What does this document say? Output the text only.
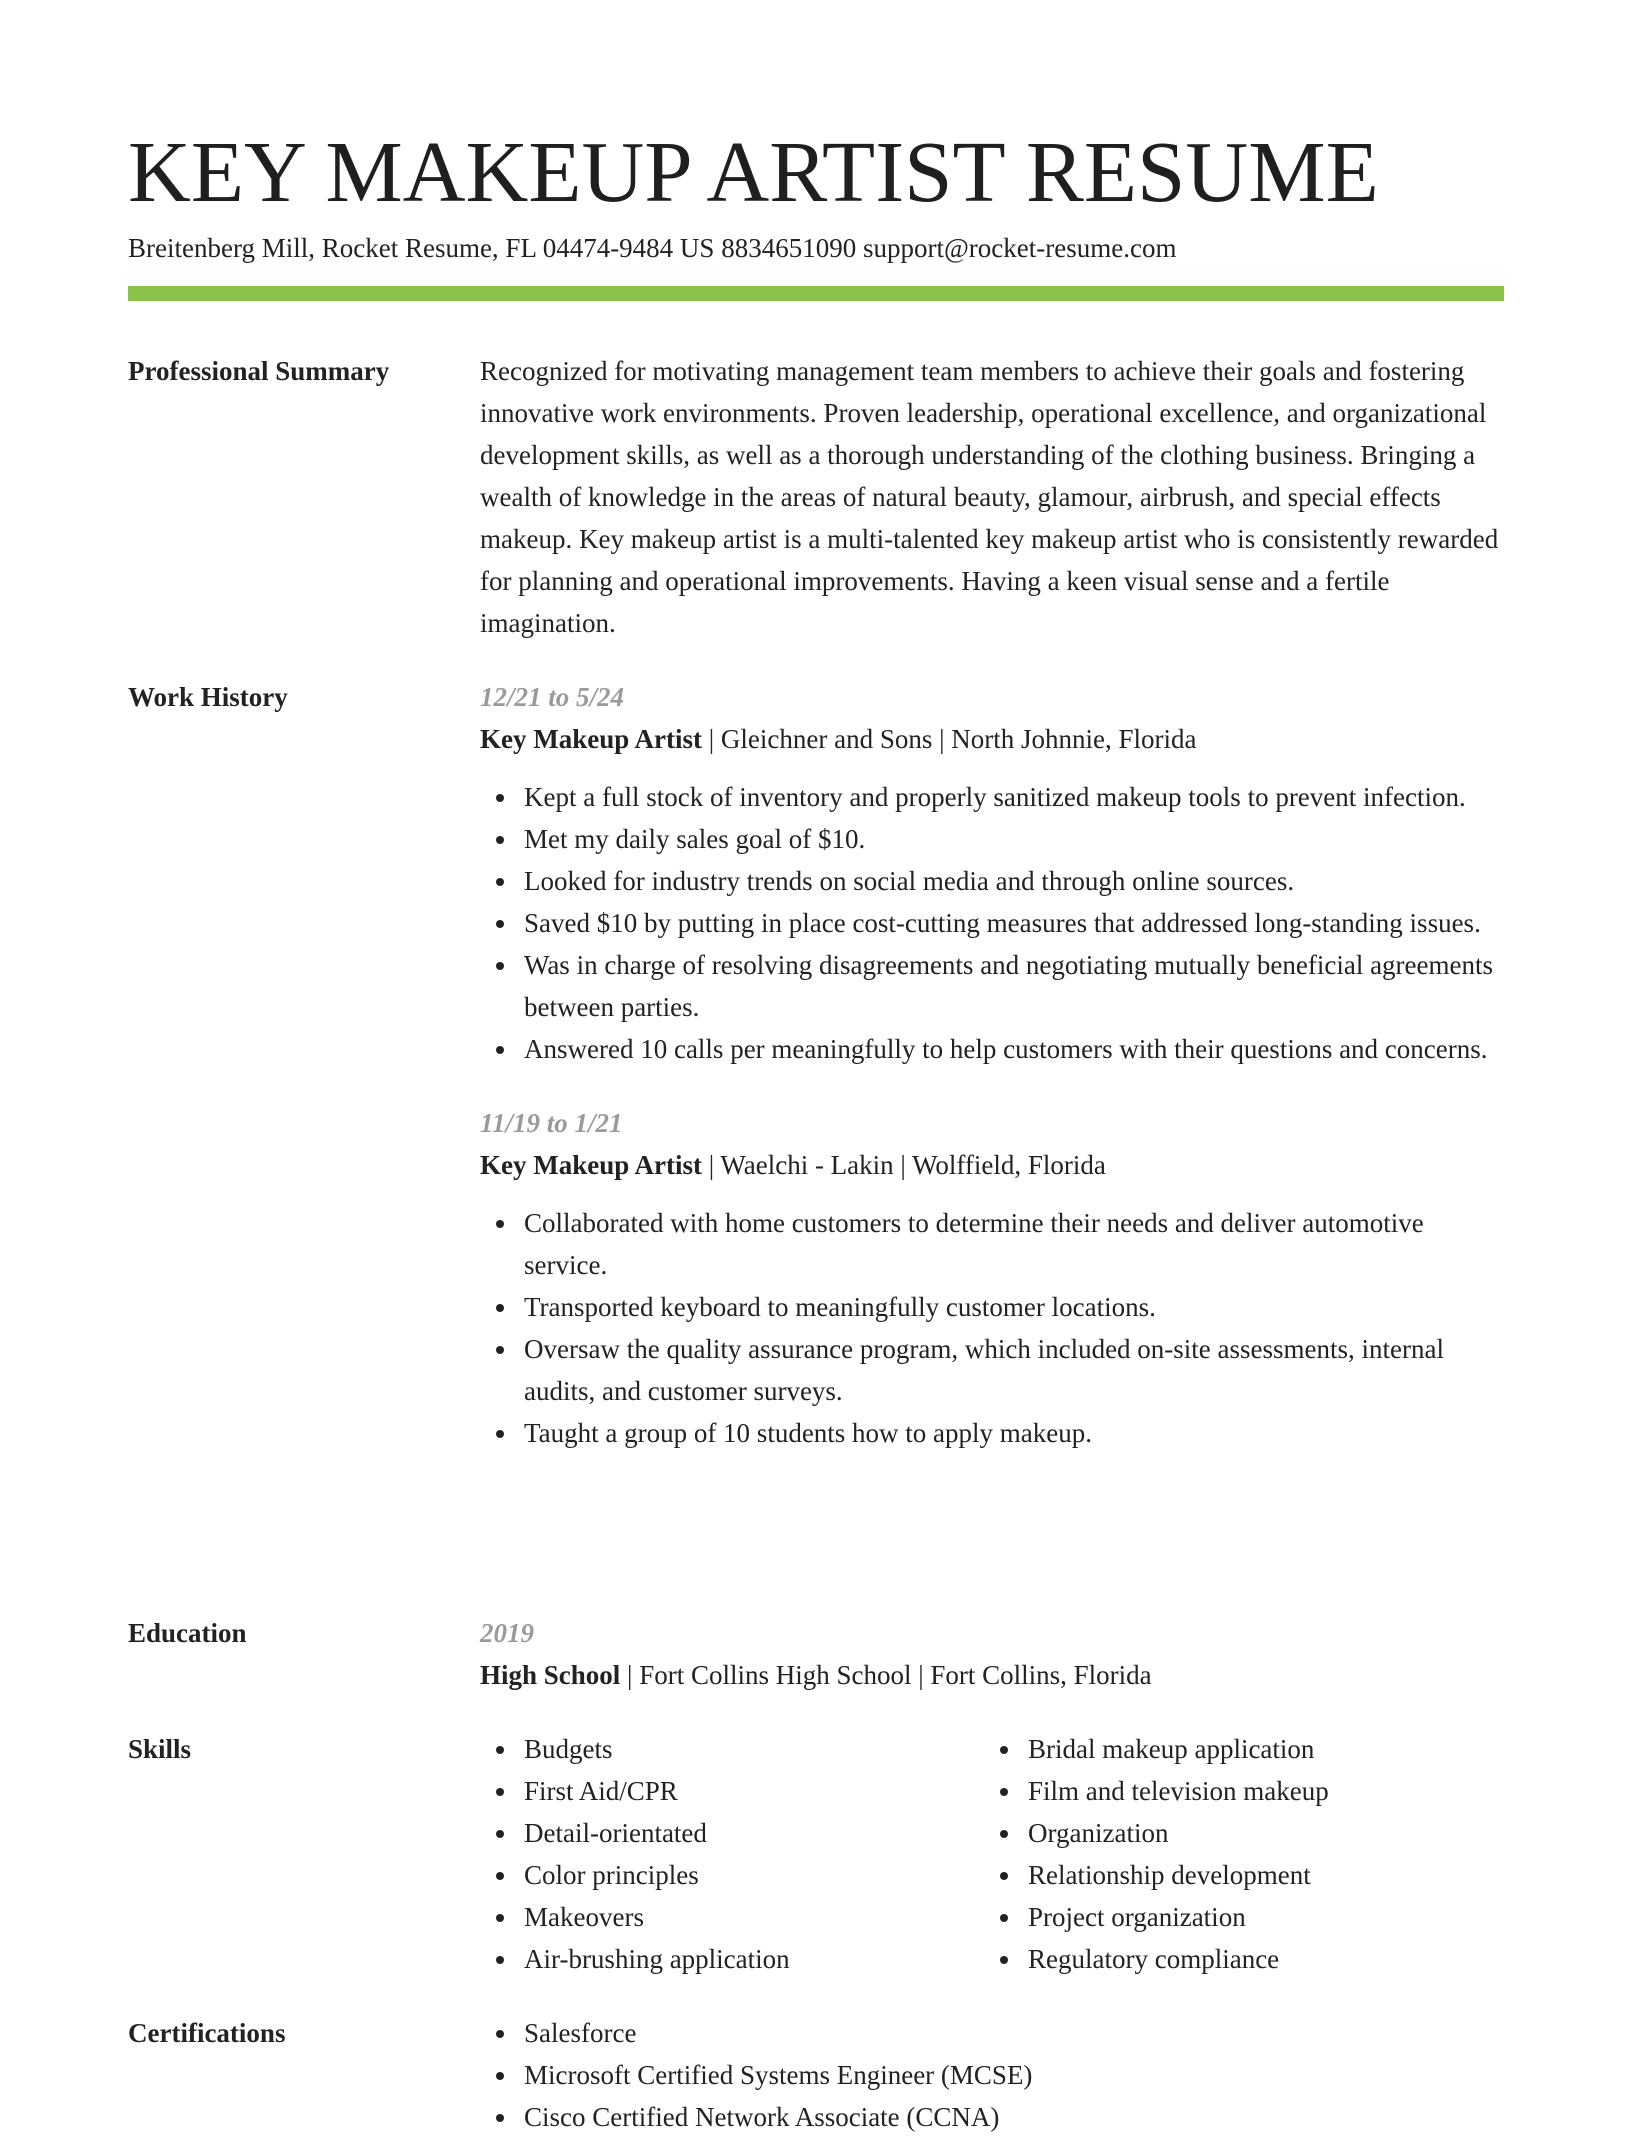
KEY MAKEUP ARTIST RESUME
Breitenberg Mill, Rocket Resume, FL 04474-9484 US 8834651090 support@rocket-resume.com
Professional Summary	Recognized for motivating management team members to achieve their goals and fostering innovative work environments. Proven leadership, operational excellence, and organizational development skills, as well as a thorough understanding of the clothing business. Bringing a wealth of knowledge in the areas of natural beauty, glamour, airbrush, and special effects makeup. Key makeup artist is a multi-talented key makeup artist who is consistently rewarded for planning and operational improvements. Having a keen visual sense and a fertile imagination.

Work History	12/21 to 5/24
Key Makeup Artist | Gleichner and Sons | North Johnnie, Florida
Kept a full stock of inventory and properly sanitized makeup tools to prevent infection.
Met my daily sales goal of $10.
Looked for industry trends on social media and through online sources.
Saved $10 by putting in place cost-cutting measures that addressed long-standing issues.
Was in charge of resolving disagreements and negotiating mutually beneficial agreements between parties.
Answered 10 calls per meaningfully to help customers with their questions and concerns.
11/19 to 1/21
Key Makeup Artist | Waelchi - Lakin | Wolffield, Florida
Collaborated with home customers to determine their needs and deliver automotive service.
Transported keyboard to meaningfully customer locations.
Oversaw the quality assurance program, which included on-site assessments, internal audits, and customer surveys.
Taught a group of 10 students how to apply makeup.
Education	2019
High School | Fort Collins High School | Fort Collins, Florida
Skills	Budgets
First Aid/CPR
Detail-orientated
Color principles
Makeovers
Air-brushing application
Bridal makeup application
Film and television makeup
Organization
Relationship development
Project organization
Regulatory compliance
Certifications	Salesforce
Microsoft Certified Systems Engineer (MCSE)
Cisco Certified Network Associate (CCNA)
